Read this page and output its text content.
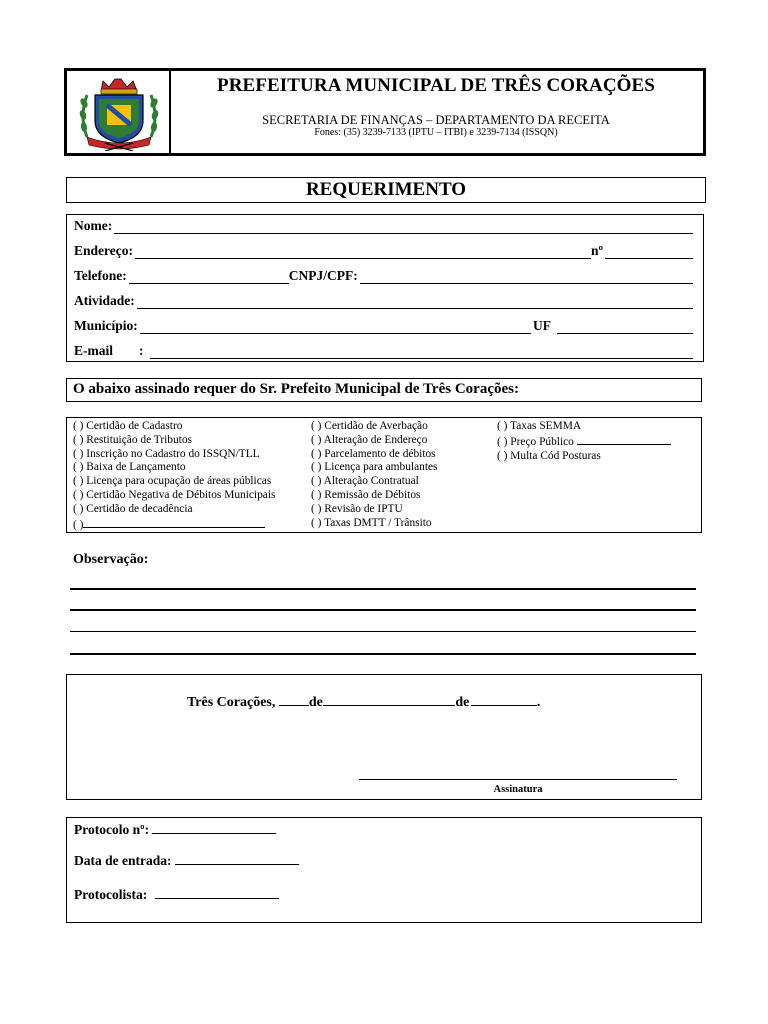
PREFEITURA MUNICIPAL DE TRÊS CORAÇÕES
SECRETARIA DE FINANÇAS – DEPARTAMENTO DA RECEITA
Fones: (35) 3239-7133 (IPTU – ITBI) e 3239-7134 (ISSQN)
REQUERIMENTO
Nome:
Endereço:	nº
Telefone:	CNPJ/CPF:
Atividade:
Município:	UF
E-mail :
O abaixo assinado requer do Sr. Prefeito Municipal de Três Corações:
( ) Certidão de Cadastro
( ) Restituição de Tributos
( ) Inscrição no Cadastro do ISSQN/TLL
( ) Baixa de Lançamento
( ) Licença para ocupação de áreas públicas
( ) Certidão Negativa de Débitos Municipais
( ) Certidão de decadência
( )
( ) Certidão de Averbação
( ) Alteração de Endereço
( ) Parcelamento de débitos
( ) Licença para ambulantes
( ) Alteração Contratual
( ) Remissão de Débitos
( ) Revisão de IPTU
( ) Taxas DMTT / Trânsito
( ) Taxas SEMMA
( ) Preço Público
( ) Multa Cód Posturas
Observação:
Três Corações, de	de	.
Assinatura
Protocolo nº:
Data de entrada:
Protocolista:
